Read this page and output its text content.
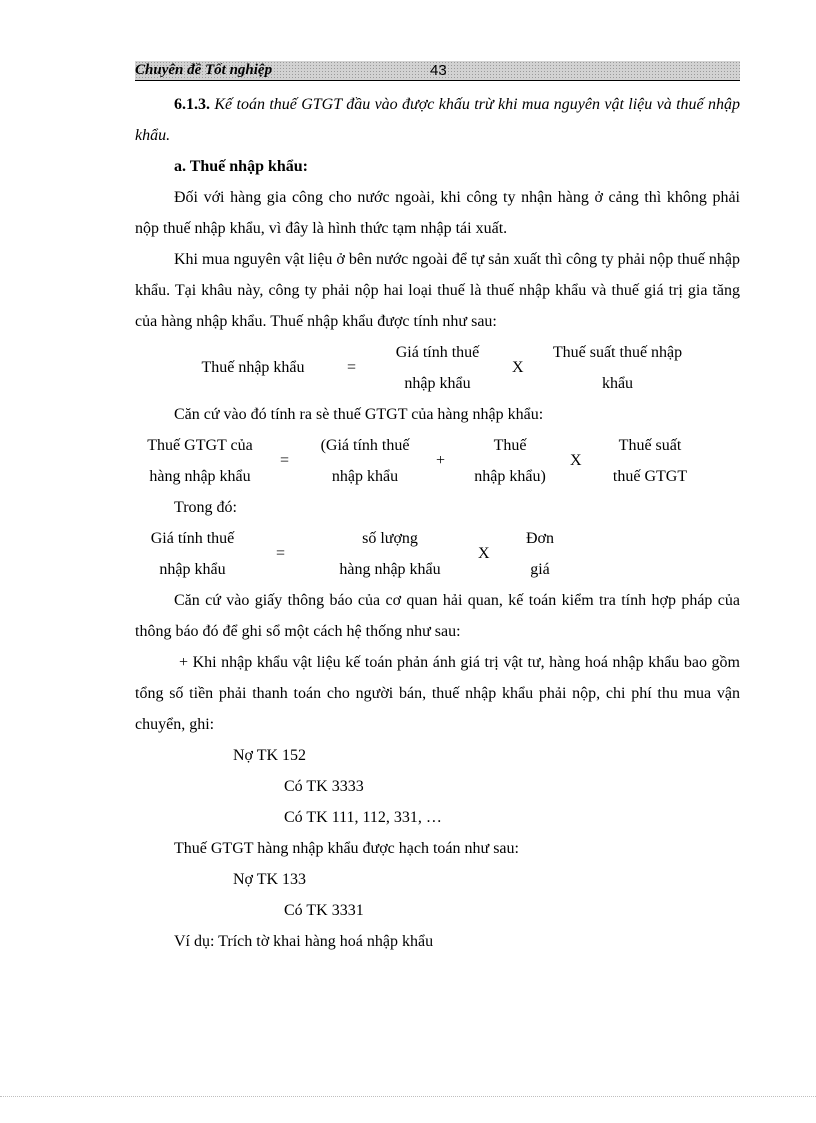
Chuyên đề Tốt nghiệp	43

6.1.3. Kế toán thuế GTGT đầu vào được khấu trừ khi mua nguyên vật liệu và thuế nhập khẩu.

a. Thuế nhập khẩu:

Đối với hàng gia công cho nước ngoài, khi công ty nhận hàng ở cảng thì không phải nộp thuế nhập khẩu, vì đây là hình thức tạm nhập tái xuất.

Khi mua nguyên vật liệu ở bên nước ngoài để tự sản xuất thì công ty phải nộp thuế nhập khẩu. Tại khâu này, công ty phải nộp hai loại thuế là thuế nhập khẩu và thuế giá trị gia tăng của hàng nhập khẩu. Thuế nhập khẩu được tính như sau:

Thuế nhập khẩu	=
Giá tính thuế
nhập khẩu
X
Thuế suất thuế nhập
khẩu

Căn cứ vào đó tính ra sè thuế GTGT của hàng nhập khẩu:

Thuế GTGT của
hàng nhập khẩu
=
(Giá tính thuế
nhập khẩu
+
Thuế
nhập khẩu)
X
Thuế suất
thuế GTGT

Trong đó:

Giá tính thuế
nhập khẩu
=
số lượng
hàng nhập khẩu
X
Đơn
giá

Căn cứ vào giấy thông báo của cơ quan hải quan, kế toán kiểm tra tính hợp pháp của thông báo đó để ghi sổ một cách hệ thống như sau:

+ Khi nhập khẩu vật liệu kế toán phản ánh giá trị vật tư, hàng hoá nhập khẩu bao gồm tổng số tiền phải thanh toán cho người bán, thuế nhập khẩu phải nộp, chi phí thu mua vận chuyển, ghi:

Nợ TK 152

Có TK 3333

Có TK 111, 112, 331, …

Thuế GTGT hàng nhập khẩu được hạch toán như sau:

Nợ TK 133

Có TK 3331

Ví dụ: Trích tờ khai hàng hoá nhập khẩu
